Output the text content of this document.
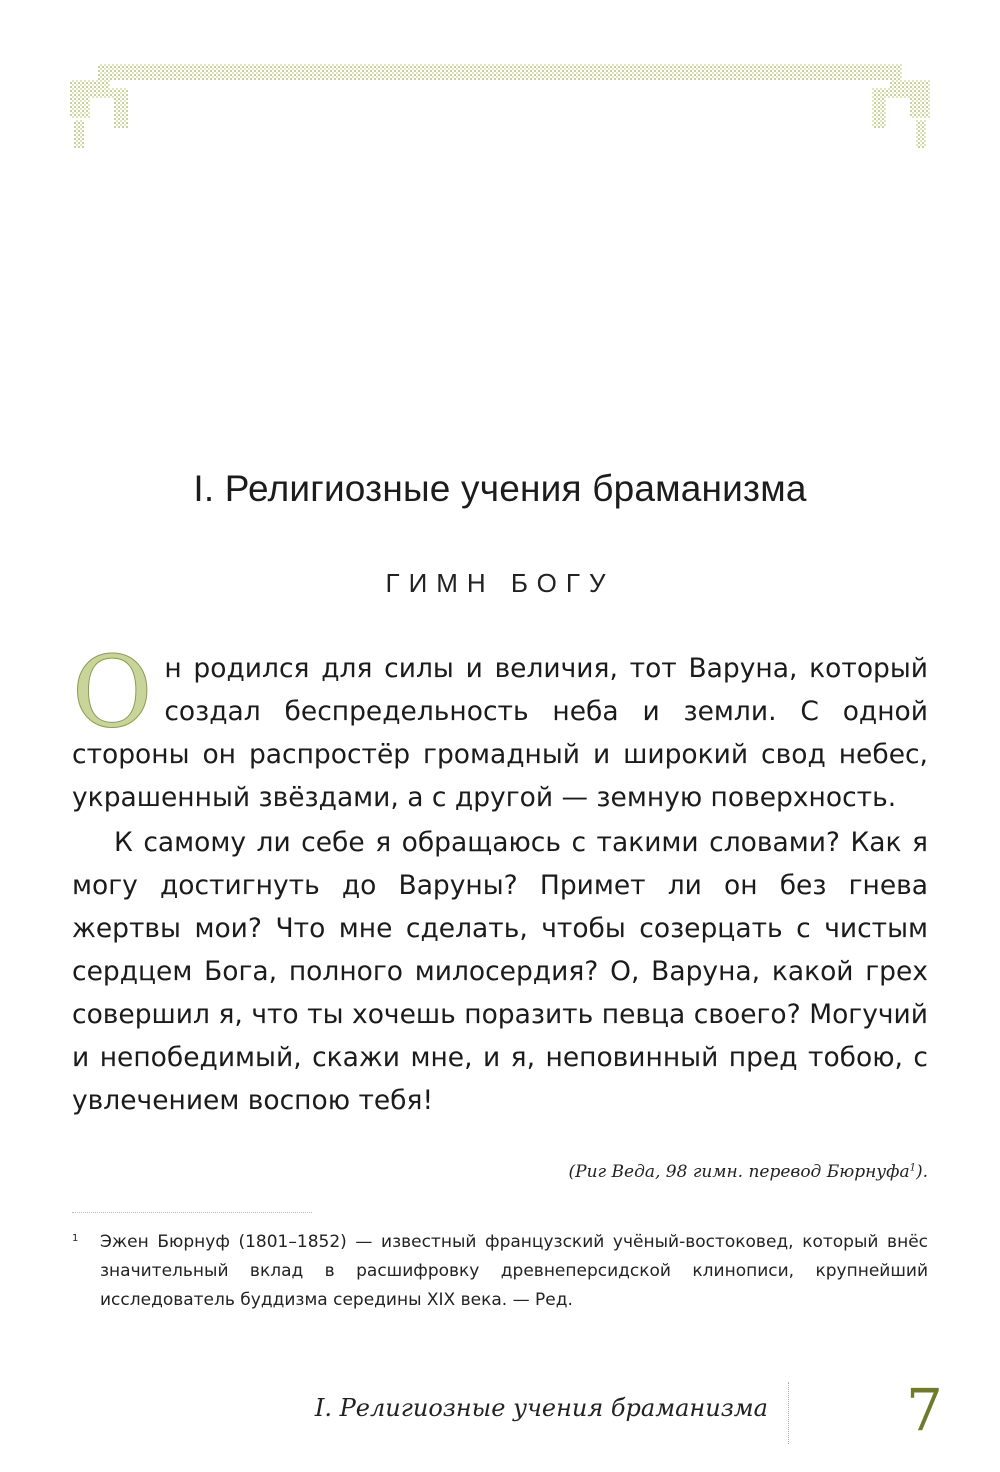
I. Религиозные учения браманизма
ГИМН БОГУ

Он родился для силы и величия, тот Варуна, который создал беспредельность неба и земли. С одной стороны он распростёр громадный и широкий свод небес, украшенный звёздами, а с другой — земную поверхность.

К самому ли себе я обращаюсь с такими словами? Как я могу достигнуть до Варуны? Примет ли он без гнева жертвы мои? Что мне сделать, чтобы созерцать с чистым сердцем Бога, полного милосердия? О, Варуна, какой грех совершил я, что ты хочешь поразить певца своего? Могучий и непобедимый, скажи мне, и я, неповинный пред тобою, с увлечением воспою тебя!

(Риг Веда, 98 гимн. перевод Бюрнуфа$^1$).
1 Эжен Бюрнуф (1801–1852) — известный французский учёный-востоковед, который внёс значительный вклад в расшифровку древнеперсидской клинописи, крупнейший исследователь буддизма середины XIX века. — Ред.
I. Религиозные учения браманизма 7
